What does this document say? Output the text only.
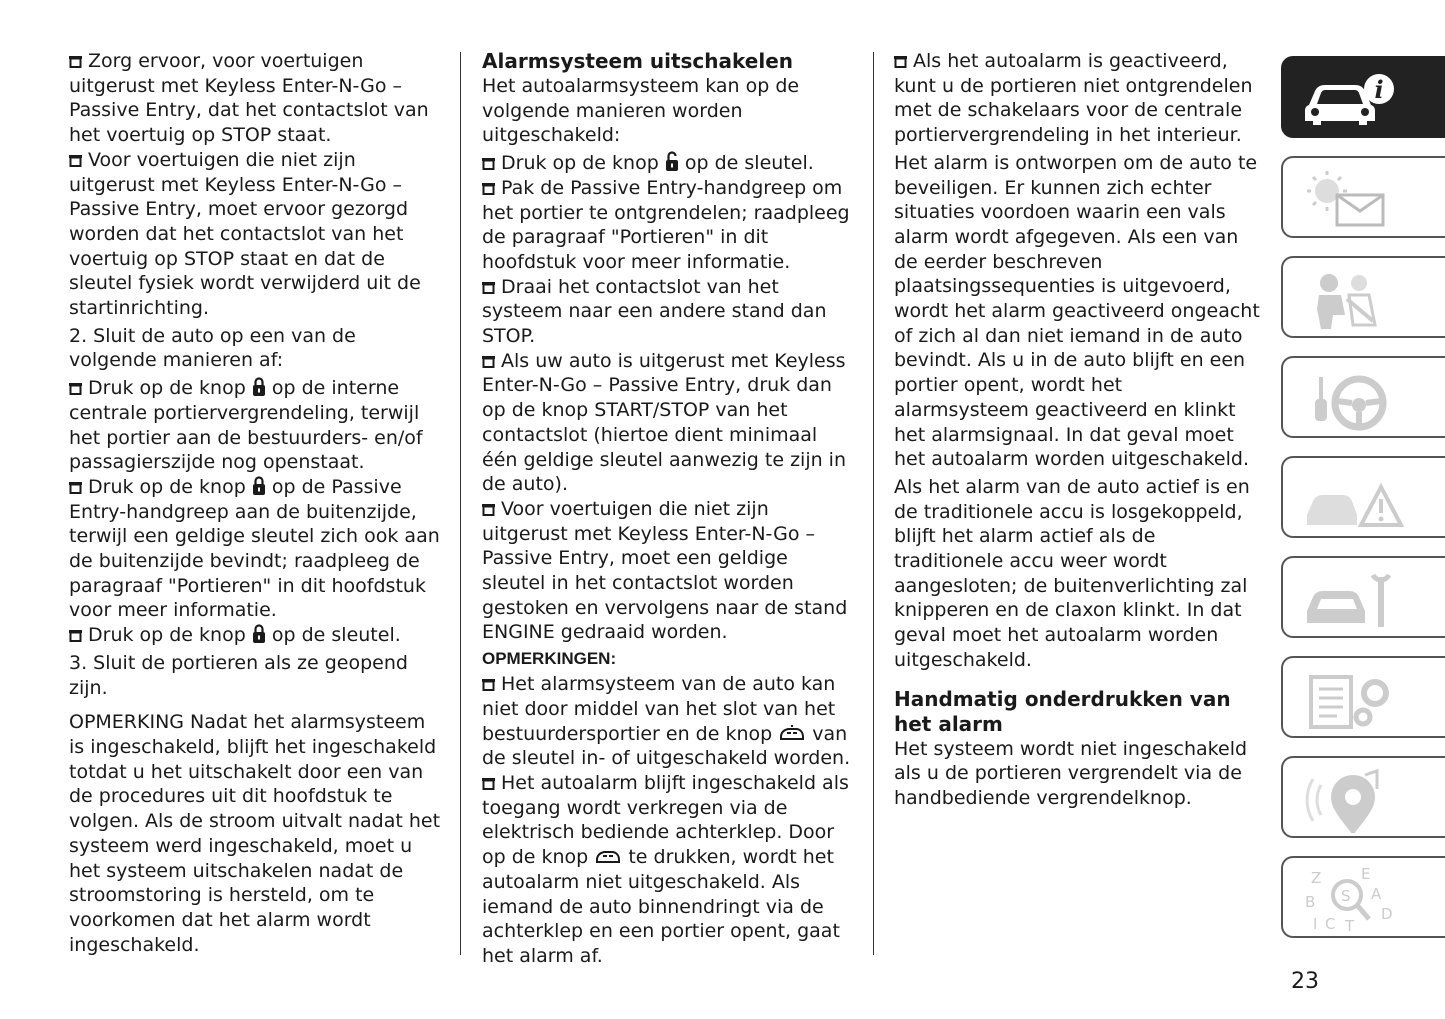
Zorg ervoor, voor voertuigen uitgerust met Keyless Enter-N-Go – Passive Entry, dat het contactslot van het voertuig op STOP staat.

Voor voertuigen die niet zijn uitgerust met Keyless Enter-N-Go – Passive Entry, moet ervoor gezorgd worden dat het contactslot van het voertuig op STOP staat en dat de sleutel fysiek wordt verwijderd uit de startinrichting.

2. Sluit de auto op een van de volgende manieren af:

Druk op de knop op de interne centrale portiervergrendeling, terwijl het portier aan de bestuurders- en/of passagierszijde nog openstaat.

Druk op de knop op de Passive Entry-handgreep aan de buitenzijde, terwijl een geldige sleutel zich ook aan de buitenzijde bevindt; raadpleeg de paragraaf "Portieren" in dit hoofdstuk voor meer informatie.

Druk op de knop op de sleutel.

3. Sluit de portieren als ze geopend zijn.

OPMERKING Nadat het alarmsysteem is ingeschakeld, blijft het ingeschakeld totdat u het uitschakelt door een van de procedures uit dit hoofdstuk te volgen. Als de stroom uitvalt nadat het systeem werd ingeschakeld, moet u het systeem uitschakelen nadat de stroomstoring is hersteld, om te voorkomen dat het alarm wordt ingeschakeld.

Alarmsysteem uitschakelen

Het autoalarmsysteem kan op de volgende manieren worden uitgeschakeld:

Druk op de knop op de sleutel.

Pak de Passive Entry-handgreep om het portier te ontgrendelen; raadpleeg de paragraaf "Portieren" in dit hoofdstuk voor meer informatie.

Draai het contactslot van het systeem naar een andere stand dan STOP.

Als uw auto is uitgerust met Keyless Enter-N-Go – Passive Entry, druk dan op de knop START/STOP van het contactslot (hiertoe dient minimaal één geldige sleutel aanwezig te zijn in de auto).

Voor voertuigen die niet zijn uitgerust met Keyless Enter-N-Go – Passive Entry, moet een geldige sleutel in het contactslot worden gestoken en vervolgens naar de stand ENGINE gedraaid worden.

OPMERKINGEN:

Het alarmsysteem van de auto kan niet door middel van het slot van het bestuurdersportier en de knop van de sleutel in- of uitgeschakeld worden.

Het autoalarm blijft ingeschakeld als toegang wordt verkregen via de elektrisch bediende achterklep. Door op de knop te drukken, wordt het autoalarm niet uitgeschakeld. Als iemand de auto binnendringt via de achterklep en een portier opent, gaat het alarm af.

Als het autoalarm is geactiveerd, kunt u de portieren niet ontgrendelen met de schakelaars voor de centrale portiervergrendeling in het interieur.

Het alarm is ontworpen om de auto te beveiligen. Er kunnen zich echter situaties voordoen waarin een vals alarm wordt afgegeven. Als een van de eerder beschreven plaatsingssequenties is uitgevoerd, wordt het alarm geactiveerd ongeacht of zich al dan niet iemand in de auto bevindt. Als u in de auto blijft en een portier opent, wordt het alarmsysteem geactiveerd en klinkt het alarmsignaal. In dat geval moet het autoalarm worden uitgeschakeld.

Als het alarm van de auto actief is en de traditionele accu is losgekoppeld, blijft het alarm actief als de traditionele accu weer wordt aangesloten; de buitenverlichting zal knipperen en de claxon klinkt. In dat geval moet het autoalarm worden uitgeschakeld.

Handmatig onderdrukken van het alarm

Het systeem wordt niet ingeschakeld als u de portieren vergrendelt via de handbediende vergrendelknop.

i
Z	E
A
B
C
D
T
I
S
23
